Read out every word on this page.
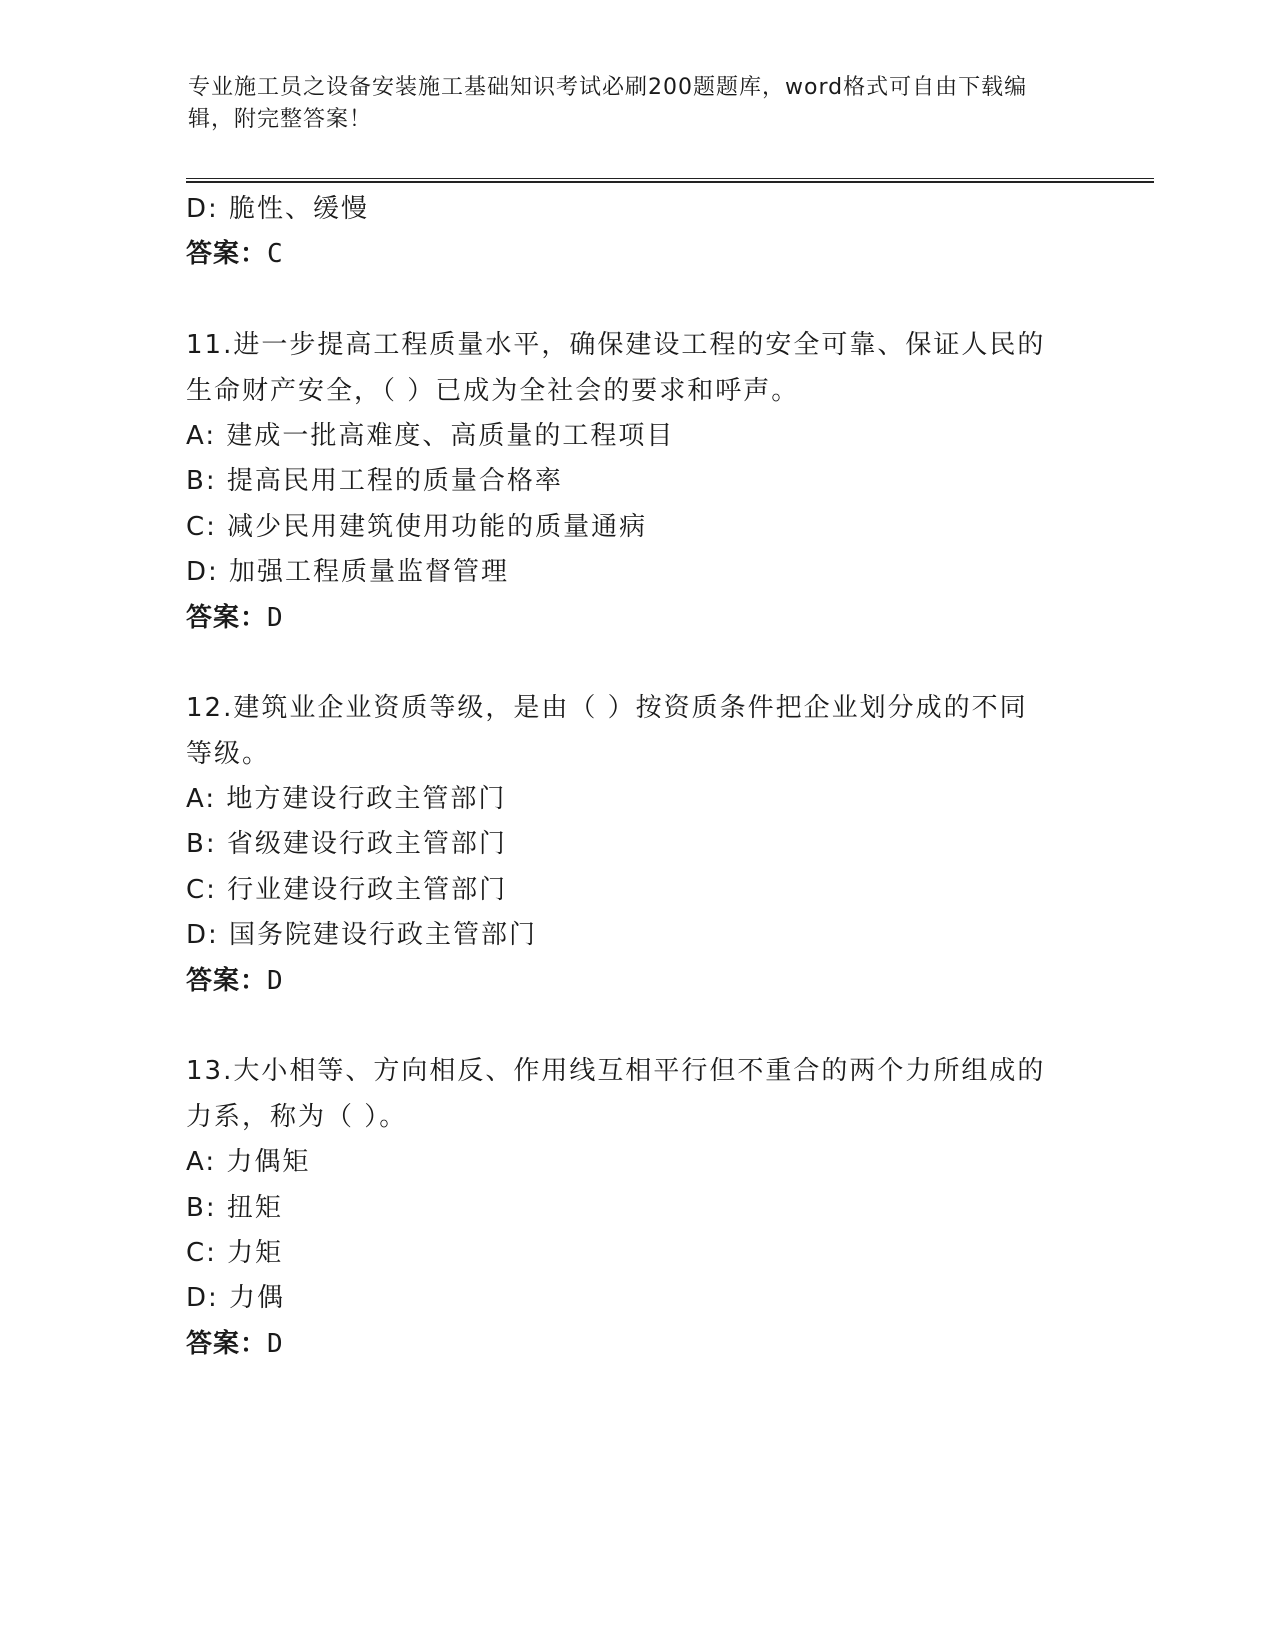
专业施工员之设备安装施工基础知识考试必刷200题题库，word格式可自由下载编辑，附完整答案！
D: 脆性、缓慢
答案：C
11.进一步提高工程质量水平，确保建设工程的安全可靠、保证人民的
生命财产安全，（ ）已成为全社会的要求和呼声。
A: 建成一批高难度、高质量的工程项目
B: 提高民用工程的质量合格率
C: 减少民用建筑使用功能的质量通病
D: 加强工程质量监督管理
答案：D
12.建筑业企业资质等级，是由（ ）按资质条件把企业划分成的不同
等级。
A: 地方建设行政主管部门
B: 省级建设行政主管部门
C: 行业建设行政主管部门
D: 国务院建设行政主管部门
答案：D
13.大小相等、方向相反、作用线互相平行但不重合的两个力所组成的
力系，称为（ ）。
A: 力偶矩
B: 扭矩
C: 力矩
D: 力偶
答案：D
